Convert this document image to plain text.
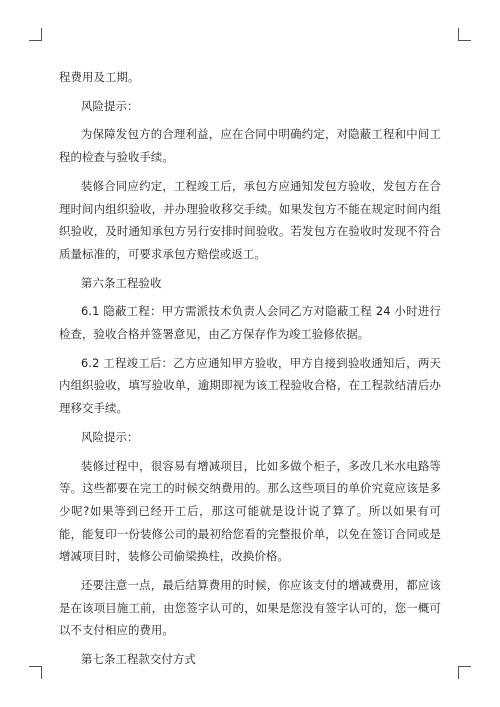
程费用及工期。

风险提示：

为保障发包方的合理利益，应在合同中明确约定，对隐蔽工程和中间工程的检查与验收手续。

装修合同应约定，工程竣工后，承包方应通知发包方验收，发包方在合理时间内组织验收，并办理验收移交手续。如果发包方不能在规定时间内组织验收，及时通知承包方另行安排时间验收。若发包方在验收时发现不符合质量标准的，可要求承包方赔偿或返工。

第六条工程验收

6.1 隐蔽工程：甲方需派技术负责人会同乙方对隐蔽工程 24 小时进行检查，验收合格并签署意见，由乙方保存作为竣工验修依据。

6.2 工程竣工后：乙方应通知甲方验收，甲方自接到验收通知后，两天内组织验收，填写验收单，逾期即视为该工程验收合格，在工程款结清后办理移交手续。

风险提示：

装修过程中，很容易有增减项目，比如多做个柜子，多改几米水电路等等。这些都要在完工的时候交纳费用的。那么这些项目的单价究竟应该是多少呢?如果等到已经开工后，那这可能就是设计说了算了。所以如果有可能，能复印一份装修公司的最初给您看的完整报价单，以免在签订合同或是增减项目时，装修公司偷梁换柱，改换价格。

还要注意一点，最后结算费用的时候，你应该支付的增减费用，都应该是在该项目施工前，由您签字认可的，如果是您没有签字认可的，您一概可以不支付相应的费用。

第七条工程款交付方式
